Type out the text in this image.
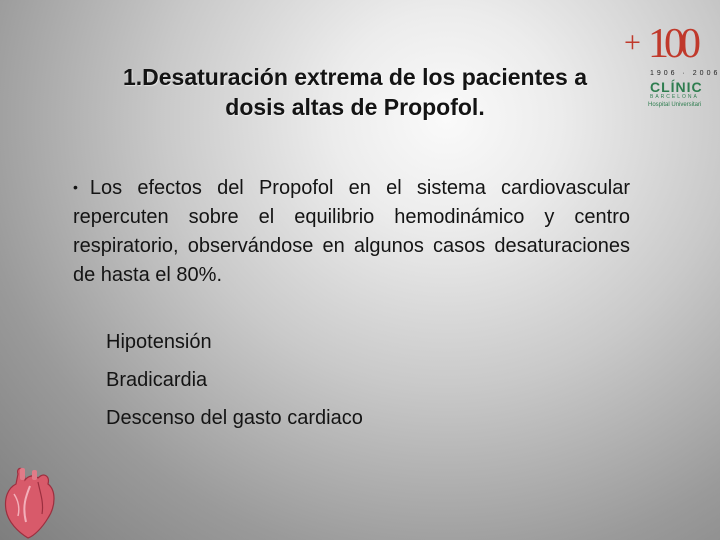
1.Desaturación extrema de los pacientes a
dosis altas de Propofol.
+ 100
1906 · 2006
CLÍNIC
BARCELONA
Hospital Universitari
• Los efectos del Propofol en el sistema cardiovascular repercuten sobre el equilibrio hemodinámico y centro respiratorio, observándose en algunos casos desaturaciones de hasta el 80%.
Hipotensión
Bradicardia
Descenso del gasto cardiaco
